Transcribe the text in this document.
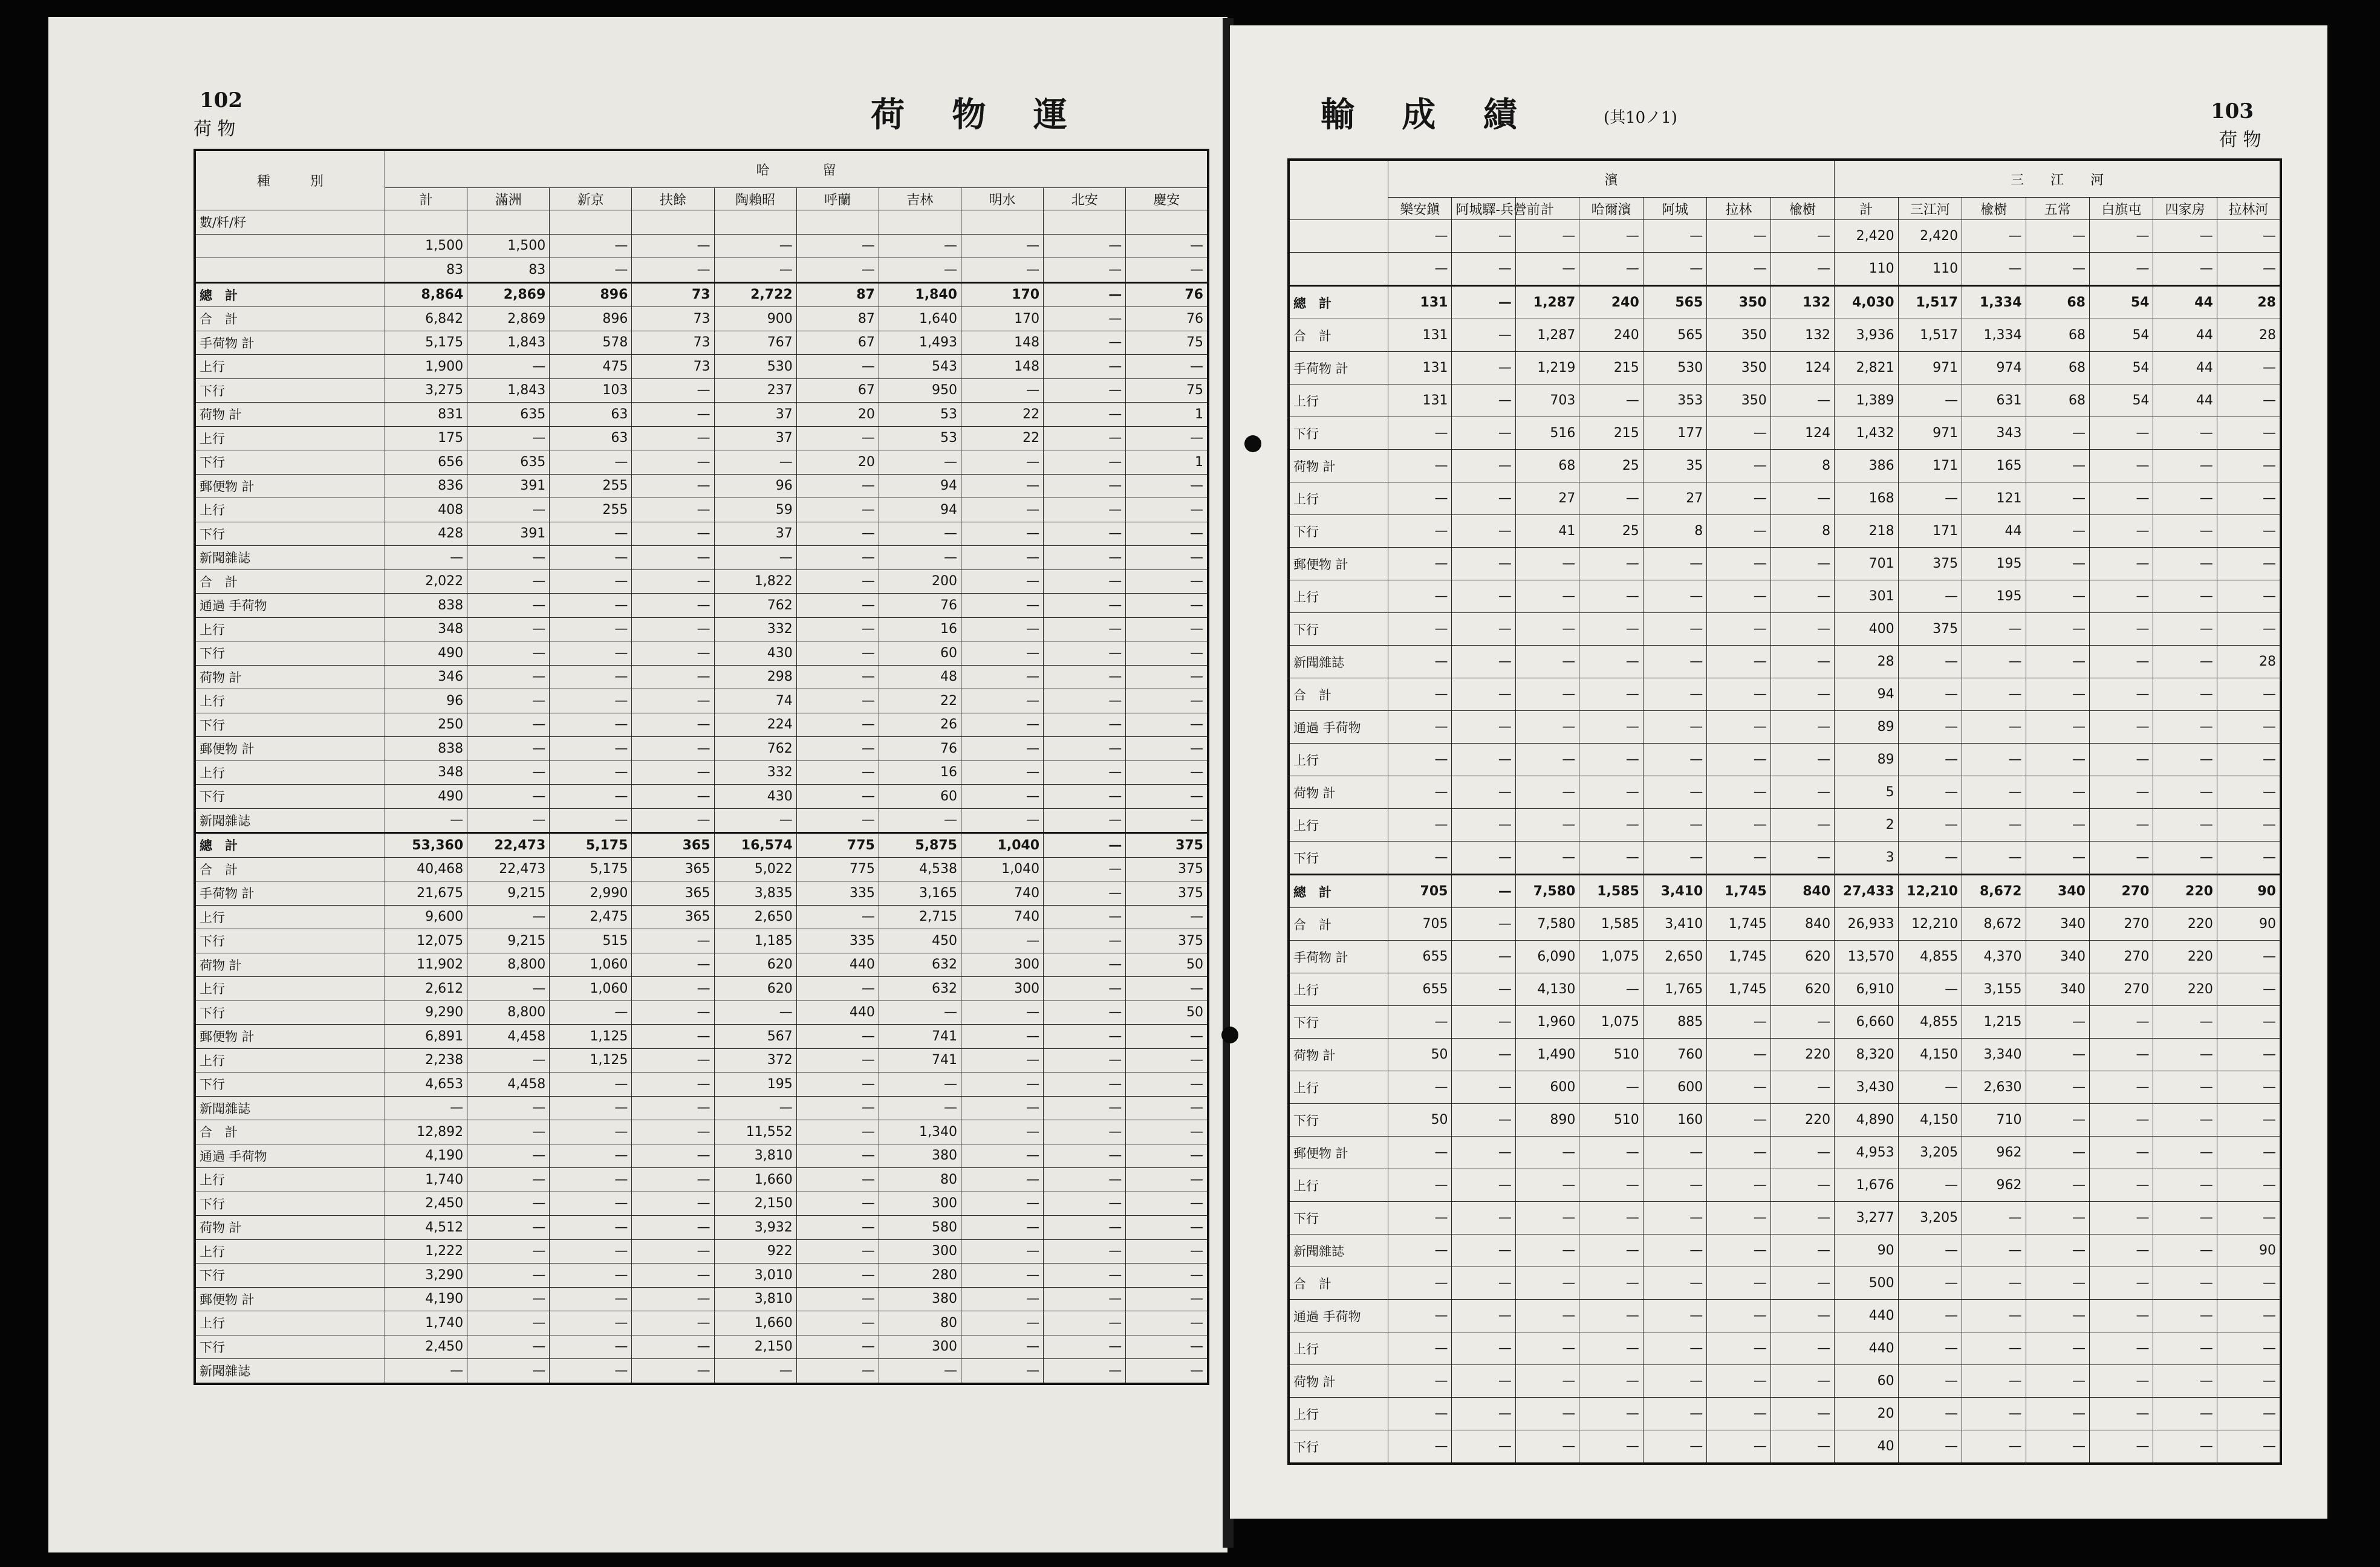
102
荷 物	荷　物　運
種　　　別	哈　　　　留									
	計	滿洲	新京	扶餘	陶賴昭	呼蘭	吉林	明水	北安	慶安
數/粁/籽										
	1,500	1,500	—	—	—	—	—	—	—	—
	83	83	—	—	—	—	—	—	—	—
總　計	8,864	2,869	896	73	2,722	87	1,840	170	—	76
合　計	6,842	2,869	896	73	900	87	1,640	170	—	76
手荷物 計	5,175	1,843	578	73	767	67	1,493	148	—	75
上行	1,900	—	475	73	530	—	543	148	—	—
下行	3,275	1,843	103	—	237	67	950	—	—	75
荷物 計	831	635	63	—	37	20	53	22	—	1
上行	175	—	63	—	37	—	53	22	—	—
下行	656	635	—	—	—	20	—	—	—	1
郵便物 計	836	391	255	—	96	—	94	—	—	—
上行	408	—	255	—	59	—	94	—	—	—
下行	428	391	—	—	37	—	—	—	—	—
新聞雜誌	—	—	—	—	—	—	—	—	—	—
合　計	2,022	—	—	—	1,822	—	200	—	—	—
通過 手荷物	838	—	—	—	762	—	76	—	—	—
上行	348	—	—	—	332	—	16	—	—	—
下行	490	—	—	—	430	—	60	—	—	—
荷物 計	346	—	—	—	298	—	48	—	—	—
上行	96	—	—	—	74	—	22	—	—	—
下行	250	—	—	—	224	—	26	—	—	—
郵便物 計	838	—	—	—	762	—	76	—	—	—
上行	348	—	—	—	332	—	16	—	—	—
下行	490	—	—	—	430	—	60	—	—	—
新聞雜誌	—	—	—	—	—	—	—	—	—	—
總　計	53,360	22,473	5,175	365	16,574	775	5,875	1,040	—	375
合　計	40,468	22,473	5,175	365	5,022	775	4,538	1,040	—	375
手荷物 計	21,675	9,215	2,990	365	3,835	335	3,165	740	—	375
上行	9,600	—	2,475	365	2,650	—	2,715	740	—	—
下行	12,075	9,215	515	—	1,185	335	450	—	—	375
荷物 計	11,902	8,800	1,060	—	620	440	632	300	—	50
上行	2,612	—	1,060	—	620	—	632	300	—	—
下行	9,290	8,800	—	—	—	440	—	—	—	50
郵便物 計	6,891	4,458	1,125	—	567	—	741	—	—	—
上行	2,238	—	1,125	—	372	—	741	—	—	—
下行	4,653	4,458	—	—	195	—	—	—	—	—
新聞雜誌	—	—	—	—	—	—	—	—	—	—
合　計	12,892	—	—	—	11,552	—	1,340	—	—	—
通過 手荷物	4,190	—	—	—	3,810	—	380	—	—	—
上行	1,740	—	—	—	1,660	—	80	—	—	—
下行	2,450	—	—	—	2,150	—	300	—	—	—
荷物 計	4,512	—	—	—	3,932	—	580	—	—	—
上行	1,222	—	—	—	922	—	300	—	—	—
下行	3,290	—	—	—	3,010	—	280	—	—	—
郵便物 計	4,190	—	—	—	3,810	—	380	—	—	—
上行	1,740	—	—	—	1,660	—	80	—	—	—
下行	2,450	—	—	—	2,150	—	300	—	—	—
新聞雜誌	—	—	—	—	—	—	—	—	—	—
輸　成　績	(其10ノ1)	103
荷 物
	濱							三　　江　　河						
	樂安鎭	阿城驛-兵營前	計	哈爾濱	阿城	拉林	楡樹	計	三江河	楡樹	五常	白旗屯	四家房	拉林河
	—	—	—	—	—	—	—	2,420	2,420	—	—	—	—	—
	—	—	—	—	—	—	—	110	110	—	—	—	—	—
總　計	131	—	1,287	240	565	350	132	4,030	1,517	1,334	68	54	44	28
合　計	131	—	1,287	240	565	350	132	3,936	1,517	1,334	68	54	44	28
手荷物 計	131	—	1,219	215	530	350	124	2,821	971	974	68	54	44	—
上行	131	—	703	—	353	350	—	1,389	—	631	68	54	44	—
下行	—	—	516	215	177	—	124	1,432	971	343	—	—	—	—
荷物 計	—	—	68	25	35	—	8	386	171	165	—	—	—	—
上行	—	—	27	—	27	—	—	168	—	121	—	—	—	—
下行	—	—	41	25	8	—	8	218	171	44	—	—	—	—
郵便物 計	—	—	—	—	—	—	—	701	375	195	—	—	—	—
上行	—	—	—	—	—	—	—	301	—	195	—	—	—	—
下行	—	—	—	—	—	—	—	400	375	—	—	—	—	—
新聞雜誌	—	—	—	—	—	—	—	28	—	—	—	—	—	28
合　計	—	—	—	—	—	—	—	94	—	—	—	—	—	—
通過 手荷物	—	—	—	—	—	—	—	89	—	—	—	—	—	—
上行	—	—	—	—	—	—	—	89	—	—	—	—	—	—
荷物 計	—	—	—	—	—	—	—	5	—	—	—	—	—	—
上行	—	—	—	—	—	—	—	2	—	—	—	—	—	—
下行	—	—	—	—	—	—	—	3	—	—	—	—	—	—
總　計	705	—	7,580	1,585	3,410	1,745	840	27,433	12,210	8,672	340	270	220	90
合　計	705	—	7,580	1,585	3,410	1,745	840	26,933	12,210	8,672	340	270	220	90
手荷物 計	655	—	6,090	1,075	2,650	1,745	620	13,570	4,855	4,370	340	270	220	—
上行	655	—	4,130	—	1,765	1,745	620	6,910	—	3,155	340	270	220	—
下行	—	—	1,960	1,075	885	—	—	6,660	4,855	1,215	—	—	—	—
荷物 計	50	—	1,490	510	760	—	220	8,320	4,150	3,340	—	—	—	—
上行	—	—	600	—	600	—	—	3,430	—	2,630	—	—	—	—
下行	50	—	890	510	160	—	220	4,890	4,150	710	—	—	—	—
郵便物 計	—	—	—	—	—	—	—	4,953	3,205	962	—	—	—	—
上行	—	—	—	—	—	—	—	1,676	—	962	—	—	—	—
下行	—	—	—	—	—	—	—	3,277	3,205	—	—	—	—	—
新聞雜誌	—	—	—	—	—	—	—	90	—	—	—	—	—	90
合　計	—	—	—	—	—	—	—	500	—	—	—	—	—	—
通過 手荷物	—	—	—	—	—	—	—	440	—	—	—	—	—	—
上行	—	—	—	—	—	—	—	440	—	—	—	—	—	—
荷物 計	—	—	—	—	—	—	—	60	—	—	—	—	—	—
上行	—	—	—	—	—	—	—	20	—	—	—	—	—	—
下行	—	—	—	—	—	—	—	40	—	—	—	—	—	—
